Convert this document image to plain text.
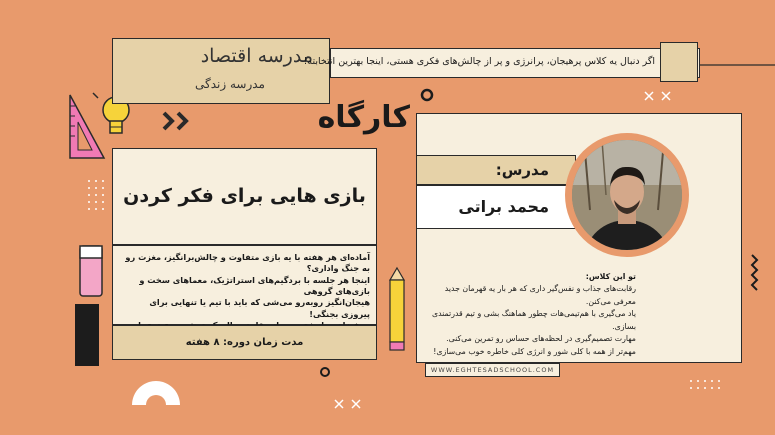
مدرسه اقتصاد
مدرسه زندگی
اگر دنبال یه کلاس پرهیجان، پرانرژی و پر از چالش‌های فکری هستی، اینجا بهترین انتخابته!
کارگاه
بازی هایی برای فکر کردن
آماده‌ای هر هفته با یه بازی متفاوت و چالش‌برانگیز، مغزت رو به جنگ واداری؟
اینجا هر جلسه با بردگیم‌های استراتژیک، معماهای سخت و بازی‌های گروهی
هیجان‌انگیز روبه‌رو می‌شی که باید با تیم یا تنهایی برای پیروزی بجنگی!
مدت زمان دوره: ۸ هفته
مدرس:
محمد براتی
تو این کلاس:
رقابت‌های جذاب و نفس‌گیر داری که هر بار یه قهرمان جدید معرفی می‌کنن.
یاد می‌گیری با هم‌تیمی‌هات چطور هماهنگ بشی و تیم قدرتمندی بسازی.
مهارت تصمیم‌گیری در لحظه‌های حساس رو تمرین می‌کنی.
مهم‌تر از همه با کلی شور و انرژی کلی خاطره خوب می‌سازی!
WWW.EGHTESADSCHOOL.COM
